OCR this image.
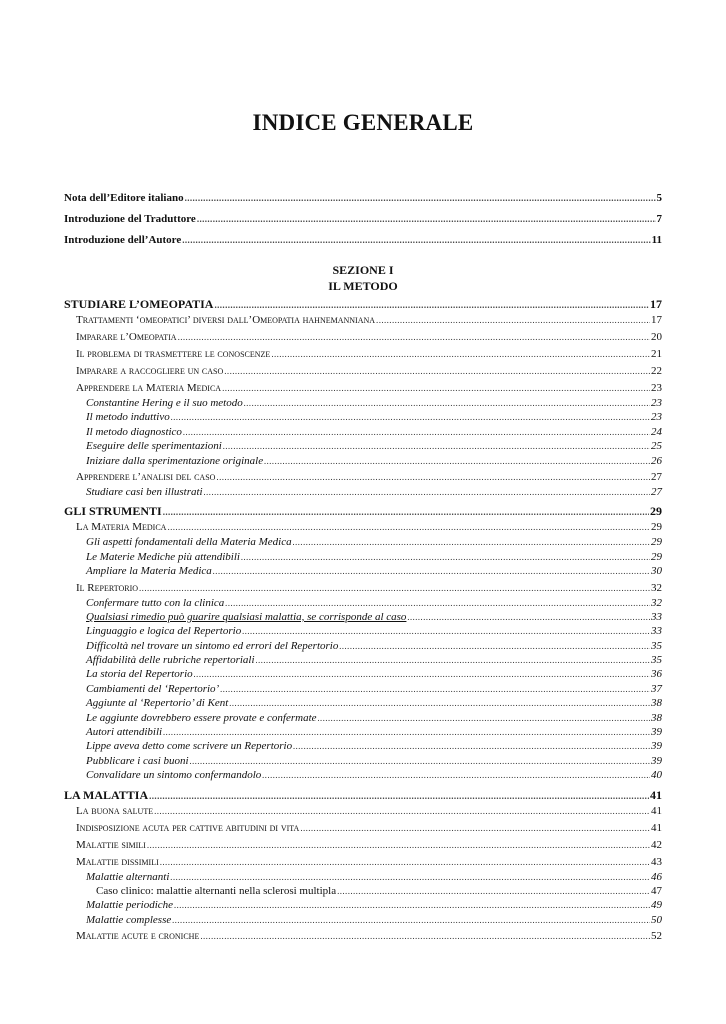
INDICE GENERALE
Nota dell’Editore italiano .....	5
Introduzione del Traduttore .....	7
Introduzione dell’Autore .....	11
SEZIONE I
IL METODO
STUDIARE L’OMEOPATIA .....	17
Trattamenti ‘omeopatici’ diversi dall’Omeopatia hahnemanniana .....	17
Imparare l’Omeopatia .....	20
Il problema di trasmettere le conoscenze .....	21
Imparare a raccogliere un caso .....	22
Apprendere la Materia Medica .....	23
Constantine Hering e il suo metodo .....	23
Il metodo induttivo .....	23
Il metodo diagnostico .....	24
Eseguire delle sperimentazioni .....	25
Iniziare dalla sperimentazione originale .....	26
Apprendere l’analisi del caso .....	27
Studiare casi ben illustrati .....	27
GLI STRUMENTI .....	29
La Materia Medica .....	29
Gli aspetti fondamentali della Materia Medica .....	29
Le Materie Mediche più attendibili .....	29
Ampliare la Materia Medica .....	30
Il Repertorio .....	32
Confermare tutto con la clinica .....	32
Qualsiasi rimedio può guarire qualsiasi malattia, se corrisponde al caso .....	33
Linguaggio e logica del Repertorio .....	33
Difficoltà nel trovare un sintomo ed errori del Repertorio .....	35
Affidabilità delle rubriche repertoriali .....	35
La storia del Repertorio .....	36
Cambiamenti del ‘Repertorio’ .....	37
Aggiunte al ‘Repertorio’ di Kent .....	38
Le aggiunte dovrebbero essere provate e confermate .....	38
Autori attendibili .....	39
Lippe aveva detto come scrivere un Repertorio .....	39
Pubblicare i casi buoni .....	39
Convalidare un sintomo confermandolo .....	40
LA MALATTIA .....	41
La buona salute .....	41
Indisposizione acuta per cattive abitudini di vita .....	41
Malattie simili .....	42
Malattie dissimili .....	43
Malattie alternanti .....	46
Caso clinico: malattie alternanti nella sclerosi multipla .....	47
Malattie periodiche .....	49
Malattie complesse .....	50
Malattie acute e croniche .....	52
